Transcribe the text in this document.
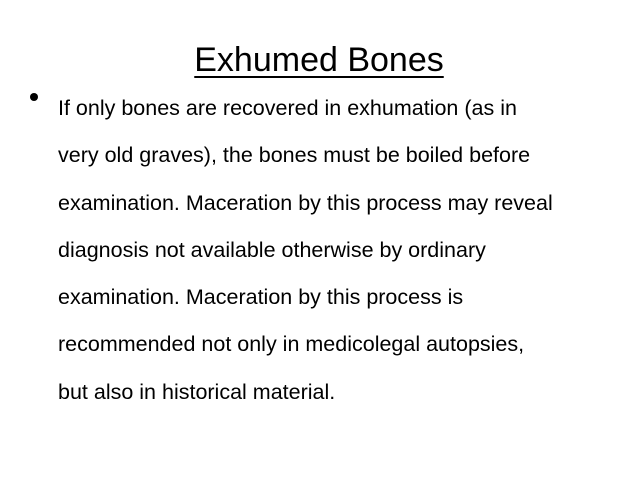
Exhumed Bones
If only bones are recovered in exhumation (as in
very old graves), the bones must be boiled before
examination. Maceration by this process may reveal
diagnosis not available otherwise by ordinary
examination. Maceration by this process is
recommended not only in medicolegal autopsies,
but also in historical material.
